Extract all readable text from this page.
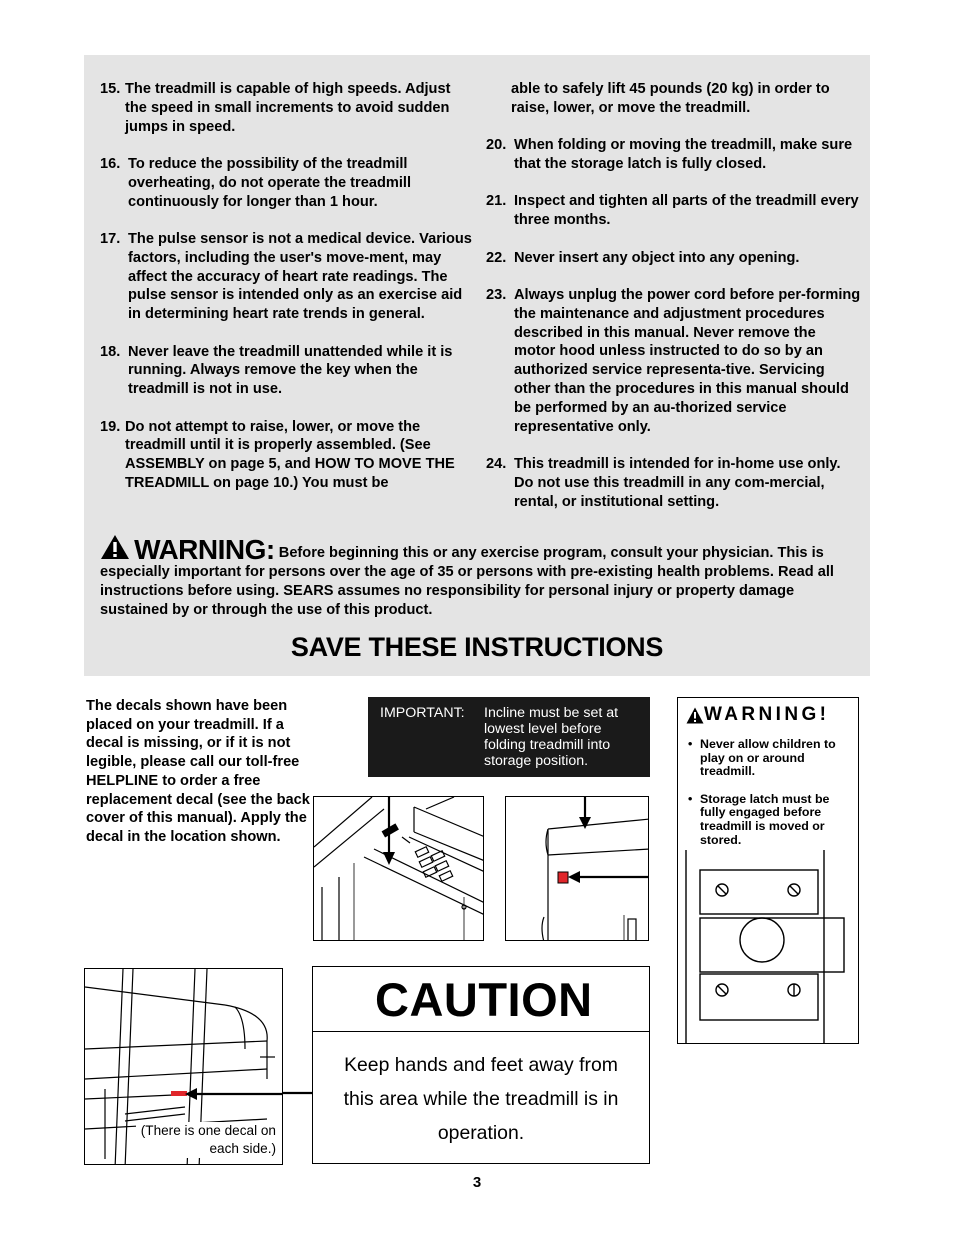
15. The treadmill is capable of high speeds. Adjust the speed in small increments to avoid sudden jumps in speed.
16. To reduce the possibility of the treadmill overheating, do not operate the treadmill continuously for longer than 1 hour.
17. The pulse sensor is not a medical device. Various factors, including the user's move-ment, may affect the accuracy of heart rate readings. The pulse sensor is intended only as an exercise aid in determining heart rate trends in general.
18. Never leave the treadmill unattended while it is running. Always remove the key when the treadmill is not in use.
19. Do not attempt to raise, lower, or move the treadmill until it is properly assembled. (See ASSEMBLY on page 5, and HOW TO MOVE THE TREADMILL on page 10.) You must be
able to safely lift 45 pounds (20 kg) in order to raise, lower, or move the treadmill.
20. When folding or moving the treadmill, make sure that the storage latch is fully closed.
21. Inspect and tighten all parts of the treadmill every three months.
22. Never insert any object into any opening.
23. Always unplug the power cord before per-forming the maintenance and adjustment procedures described in this manual. Never remove the motor hood unless instructed to do so by an authorized service representa-tive. Servicing other than the procedures in this manual should be performed by an au-thorized service representative only.
24. This treadmill is intended for in-home use only. Do not use this treadmill in any com-mercial, rental, or institutional setting.
WARNING: Before beginning this or any exercise program, consult your physician. This is especially important for persons over the age of 35 or persons with pre-existing health problems. Read all instructions before using. SEARS assumes no responsibility for personal injury or property damage sustained by or through the use of this product.
SAVE THESE INSTRUCTIONS
The decals shown have been placed on your treadmill. If a decal is missing, or if it is not legible, please call our toll-free HELPLINE to order a free replacement decal (see the back cover of this manual). Apply the decal in the location shown.
IMPORTANT:	Incline must be set at lowest level before folding treadmill into storage position.
WARNING!
• Never allow children to play on or around treadmill.
• Storage latch must be fully engaged before treadmill is moved or stored.
(There is one decal on each side.)
CAUTION
Keep hands and feet away from this area while the treadmill is in operation.
3
